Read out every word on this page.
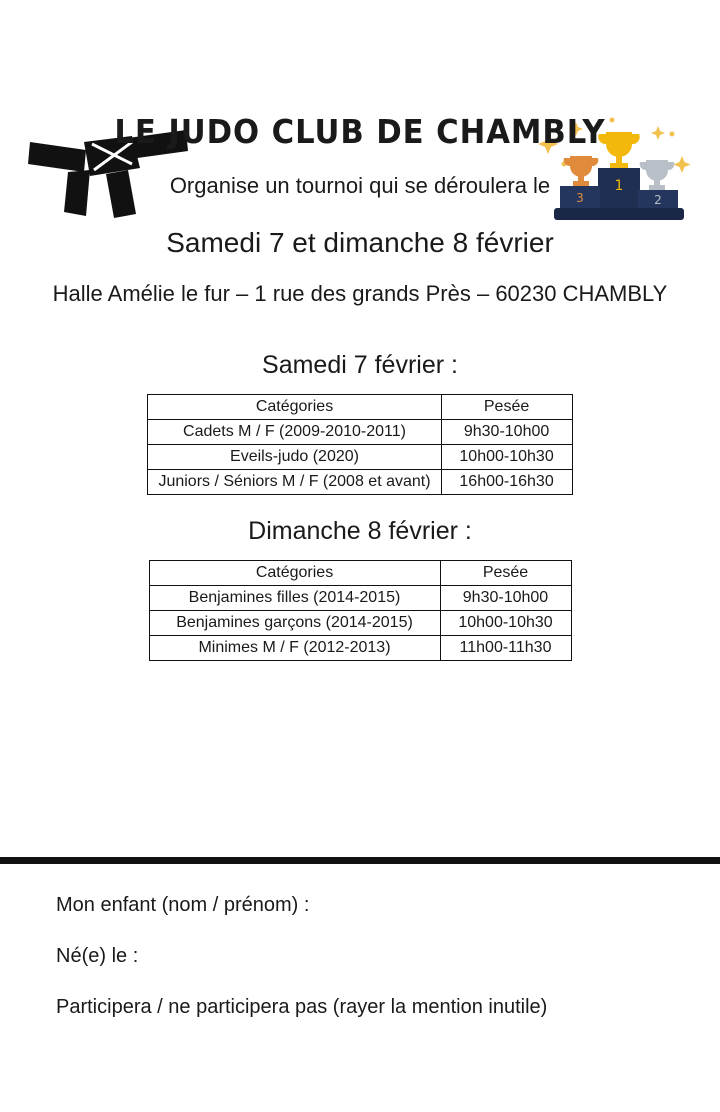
1
3	2
LE JUDO CLUB DE CHAMBLY
Organise un tournoi qui se déroulera le
Samedi 7 et dimanche 8 février
Halle Amélie le fur – 1 rue des grands Près – 60230 CHAMBLY
Samedi 7 février :
Catégories	Pesée
Cadets M / F (2009-2010-2011)	9h30-10h00
Eveils-judo (2020)	10h00-10h30
Juniors / Séniors M / F (2008 et avant)	16h00-16h30
Dimanche 8 février :
Catégories	Pesée
Benjamines filles (2014-2015)	9h30-10h00
Benjamines garçons (2014-2015)	10h00-10h30
Minimes M / F (2012-2013)	11h00-11h30
Mon enfant (nom / prénom) :
Né(e) le :
Participera / ne participera pas (rayer la mention inutile)
